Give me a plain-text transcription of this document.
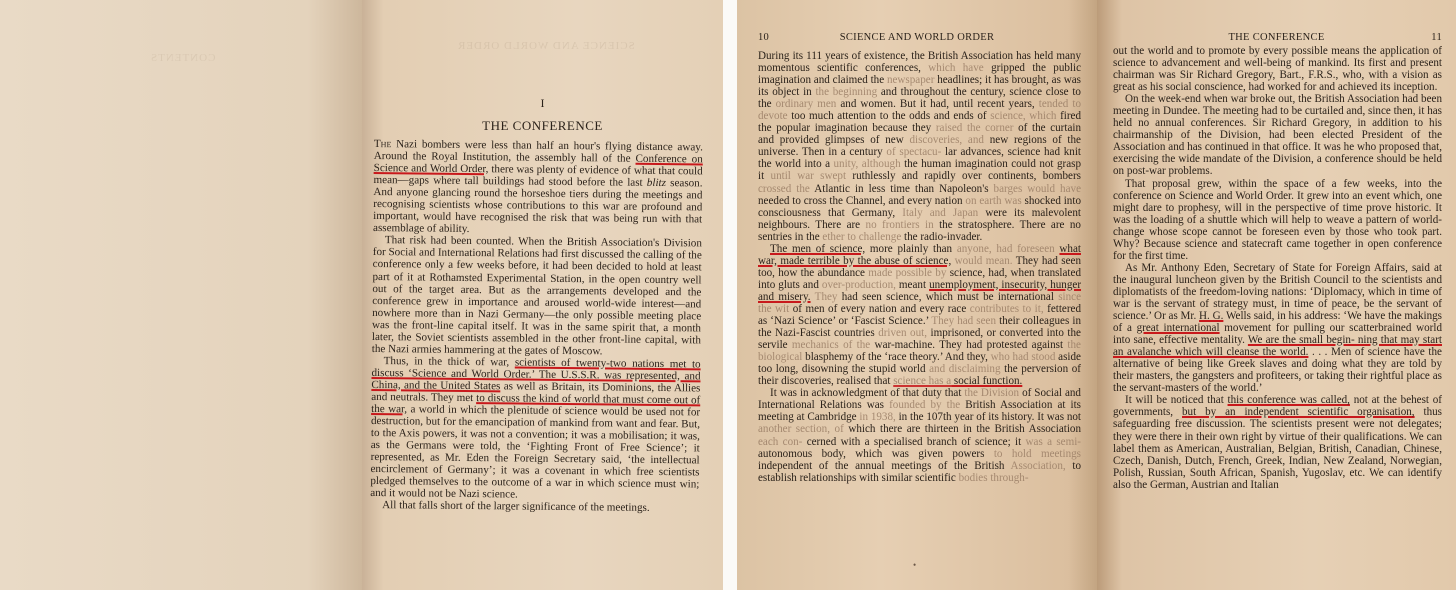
CONTENTS
SCIENCE AND WORLD ORDER
I
THE CONFERENCE

The Nazi bombers were less than half an hour's flying distance away. Around the Royal Institution, the assembly hall of the Conference on Science and World Order, there was plenty of evidence of what that could mean—gaps where tall buildings had stood before the last blitz season. And anyone glancing round the horseshoe tiers during the meetings and recognising scientists whose contributions to this war are profound and important, would have recognised the risk that was being run with that assemblage of ability.

That risk had been counted. When the British Association's Division for Social and International Relations had first discussed the calling of the conference only a few weeks before, it had been decided to hold at least part of it at Rothamsted Experimental Station, in the open country well out of the target area. But as the arrangements developed and the conference grew in importance and aroused world-wide interest—and nowhere more than in Nazi Germany—the only possible meeting place was the front-line capital itself. It was in the same spirit that, a month later, the Soviet scientists assembled in the other front-line capital, with the Nazi armies hammering at the gates of Moscow.

Thus, in the thick of war, scientists of twenty-two nations met to discuss ‘Science and World Order.’ The U.S.S.R. was represented, and China, and the United States as well as Britain, its Dominions, the Allies and neutrals. They met to discuss the kind of world that must come out of the war, a world in which the plenitude of science would be used not for destruction, but for the emancipation of mankind from want and fear. But, to the Axis powers, it was not a convention; it was a mobilisation; it was, as the Germans were told, the ‘Fighting Front of Free Science’; it represented, as Mr. Eden the Foreign Secretary said, ‘the intellectual encirclement of Germany’; it was a covenant in which free scientists pledged themselves to the outcome of a war in which science must win; and it would not be Nazi science.

All that falls short of the larger significance of the meetings.

10	SCIENCE AND WORLD ORDER

During its 111 years of existence, the British Association has held many momentous scientific conferences, which have gripped the public imagination and claimed the newspaper headlines; it has brought, as was its object in the beginning and throughout the century, science close to the ordinary men and women. But it had, until recent years, tended to devote too much attention to the odds and ends of science, which fired the popular imagination because they raised the corner of the curtain and provided glimpses of new discoveries, and new regions of the universe. Then in a century of spectacu- lar advances, science had knit the world into a unity, although the human imagination could not grasp it until war swept ruthlessly and rapidly over continents, bombers crossed the Atlantic in less time than Napoleon's barges would have needed to cross the Channel, and every nation on earth was shocked into consciousness that Germany, Italy and Japan were its malevolent neighbours. There are no frontiers in the stratosphere. There are no sentries in the ether to challenge the radio-invader.

The men of science, more plainly than anyone, had foreseen what war, made terrible by the abuse of science, would mean. They had seen too, how the abundance made possible by science, had, when translated into gluts and over-production, meant unemployment, insecurity, hunger and misery. They had seen science, which must be international since the wit of men of every nation and every race contributes to it, fettered as ‘Nazi Science’ or ‘Fascist Science.’ They had seen their colleagues in the Nazi-Fascist countries driven out, imprisoned, or converted into the servile mechanics of the war-machine. They had protested against the biological blasphemy of the ‘race theory.’ And they, who had stood aside too long, disowning the stupid world and disclaiming the perversion of their discoveries, realised that science has a social function.

It was in acknowledgment of that duty that the Division of Social and International Relations was founded by the British Association at its meeting at Cambridge in 1938, in the 107th year of its history. It was not another section, of which there are thirteen in the British Association each con- cerned with a specialised branch of science; it was a semi- autonomous body, which was given powers to hold meetings independent of the annual meetings of the British Association, to establish relationships with similar scientific bodies through-

•
THE CONFERENCE	11

out the world and to promote by every possible means the application of science to advancement and well-being of mankind. Its first and present chairman was Sir Richard Gregory, Bart., F.R.S., who, with a vision as great as his social conscience, had worked for and achieved its inception.

On the week-end when war broke out, the British Association had been meeting in Dundee. The meeting had to be curtailed and, since then, it has held no annual conferences. Sir Richard Gregory, in addition to his chairmanship of the Division, had been elected President of the Association and has continued in that office. It was he who proposed that, exercising the wide mandate of the Division, a conference should be held on post-war problems.

That proposal grew, within the space of a few weeks, into the conference on Science and World Order. It grew into an event which, one might dare to prophesy, will in the perspective of time prove historic. It was the loading of a shuttle which will help to weave a pattern of world-change whose scope cannot be foreseen even by those who took part. Why? Because science and statecraft came together in open conference for the first time.

As Mr. Anthony Eden, Secretary of State for Foreign Affairs, said at the inaugural luncheon given by the British Council to the scientists and diplomatists of the freedom-loving nations: ‘Diplomacy, which in time of war is the servant of strategy must, in time of peace, be the servant of science.’ Or as Mr. H. G. Wells said, in his address: ‘We have the makings of a great international movement for pulling our scatterbrained world into sane, effective mentality. We are the small begin- ning that may start an avalanche which will cleanse the world. . . . Men of science have the alternative of being like Greek slaves and doing what they are told by their masters, the gangsters and profiteers, or taking their rightful place as the servant-masters of the world.’

It will be noticed that this conference was called, not at the behest of governments, but by an independent scientific organisation, thus safeguarding free discussion. The scientists present were not delegates; they were there in their own right by virtue of their qualifications. We can label them as American, Australian, Belgian, British, Canadian, Chinese, Czech, Danish, Dutch, French, Greek, Indian, New Zealand, Norwegian, Polish, Russian, South African, Spanish, Yugoslav, etc. We can identify also the German, Austrian and Italian
